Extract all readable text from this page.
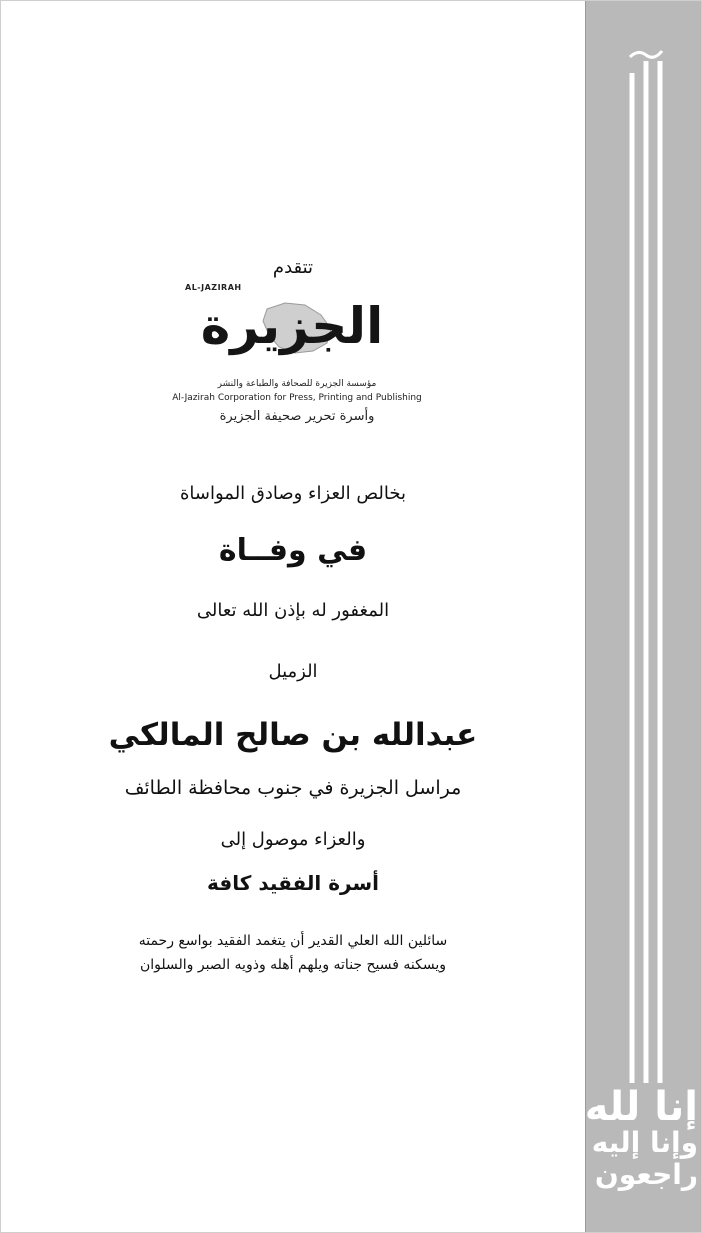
تتقدم
AL-JAZIRAH
الجزيرة
مؤسسة الجزيرة للصحافة والطباعة والنشر
Al-Jazirah Corporation for Press, Printing and Publishing
وأسرة تحرير صحيفة الجزيرة
بخالص العزاء وصادق المواساة
في وفــاة
المغفور له بإذن الله تعالى
الزميل
عبدالله بن صالح المالكي
مراسل الجزيرة في جنوب محافظة الطائف
والعزاء موصول إلى
أسرة الفقيد كافة
سائلين الله العلي القدير أن يتغمد الفقيد بواسع رحمته
ويسكنه فسيح جناته ويلهم أهله وذويه الصبر والسلوان
إنا لله
وإنا إليه
راجعون
